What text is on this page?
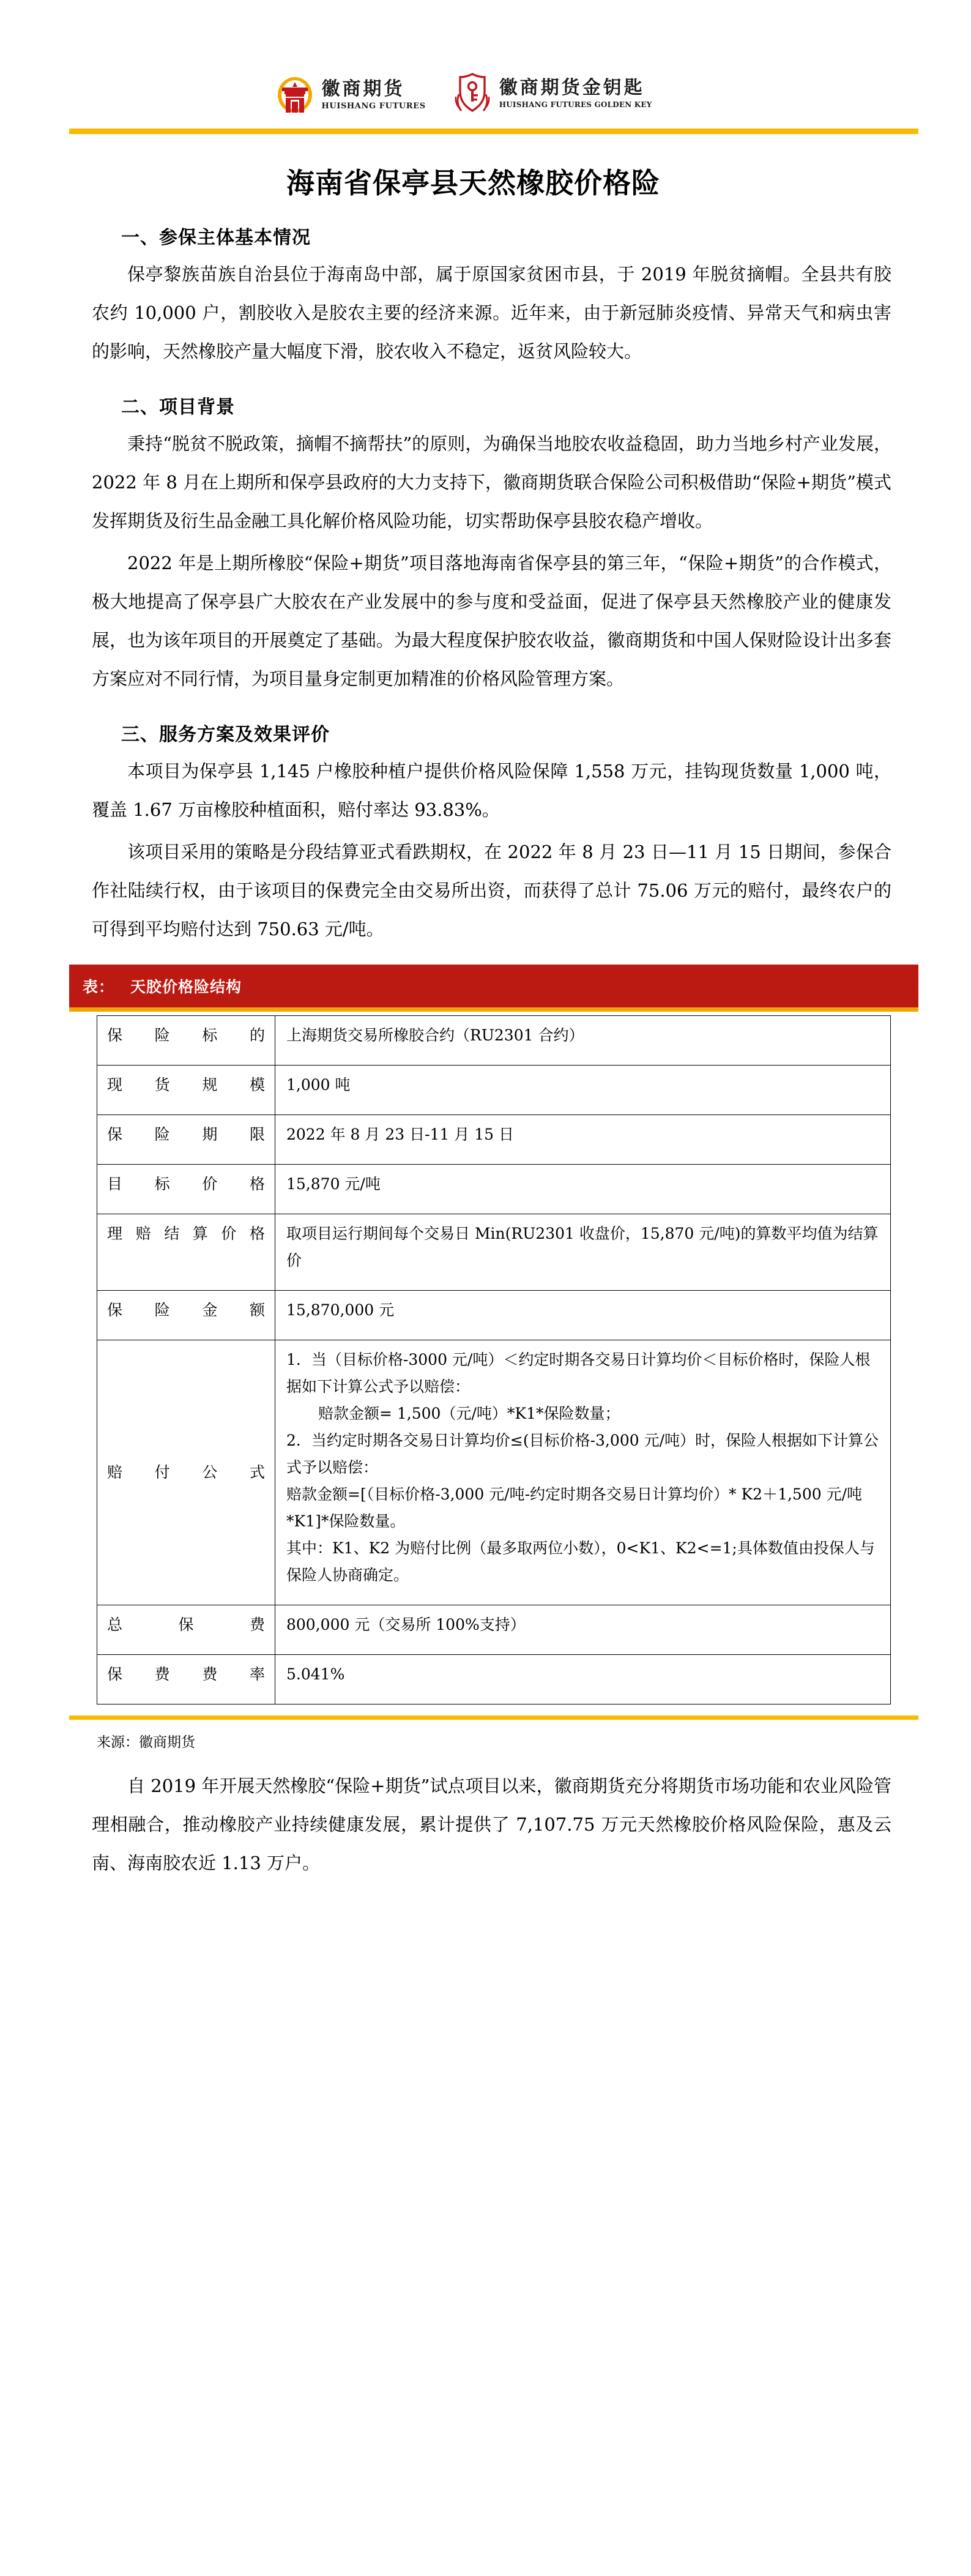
徽商期货
HUISHANG FUTURES
徽商期货金钥匙
HUISHANG FUTURES GOLDEN KEY
海南省保亭县天然橡胶价格险
一、参保主体基本情况

保亭黎族苗族自治县位于海南岛中部，属于原国家贫困市县，于 2019 年脱贫摘帽。全县共有胶农约 10,000 户，割胶收入是胶农主要的经济来源。近年来，由于新冠肺炎疫情、异常天气和病虫害的影响，天然橡胶产量大幅度下滑，胶农收入不稳定，返贫风险较大。

二、项目背景

秉持“脱贫不脱政策，摘帽不摘帮扶”的原则，为确保当地胶农收益稳固，助力当地乡村产业发展，2022 年 8 月在上期所和保亭县政府的大力支持下，徽商期货联合保险公司积极借助“保险+期货”模式发挥期货及衍生品金融工具化解价格风险功能，切实帮助保亭县胶农稳产增收。

2022 年是上期所橡胶“保险+期货”项目落地海南省保亭县的第三年，“保险+期货”的合作模式，极大地提高了保亭县广大胶农在产业发展中的参与度和受益面，促进了保亭县天然橡胶产业的健康发展，也为该年项目的开展奠定了基础。为最大程度保护胶农收益，徽商期货和中国人保财险设计出多套方案应对不同行情，为项目量身定制更加精准的价格风险管理方案。

三、服务方案及效果评价

本项目为保亭县 1,145 户橡胶种植户提供价格风险保障 1,558 万元，挂钩现货数量 1,000 吨，覆盖 1.67 万亩橡胶种植面积，赔付率达 93.83%。

该项目采用的策略是分段结算亚式看跌期权，在 2022 年 8 月 23 日—11 月 15 日期间，参保合作社陆续行权，由于该项目的保费完全由交易所出资，而获得了总计 75.06 万元的赔付，最终农户的可得到平均赔付达到 750.63 元/吨。

表： 天胶价格险结构
保险标的	上海期货交易所橡胶合约（RU2301 合约）
现货规模	1,000 吨
保险期限	2022 年 8 月 23 日-11 月 15 日
目标价格	15,870 元/吨
理赔结算价格	取项目运行期间每个交易日 Min(RU2301 收盘价，15,870 元/吨)的算数平均值为结算价
保险金额	15,870,000 元
赔付公式	1．当（目标价格-3000 元/吨）＜约定时期各交易日计算均价＜目标价格时，保险人根据如下计算公式予以赔偿：
赔款金额= 1,500（元/吨）*K1*保险数量；
2．当约定时期各交易日计算均价≤(目标价格-3,000 元/吨）时，保险人根据如下计算公式予以赔偿：
赔款金额=[（目标价格-3,000 元/吨-约定时期各交易日计算均价）* K2＋1,500 元/吨*K1]*保险数量。
其中：K1、K2 为赔付比例（最多取两位小数），0<K1、K2<=1;具体数值由投保人与保险人协商确定。

总保费	800,000 元（交易所 100%支持）
保费费率	5.041%
来源：徽商期货

自 2019 年开展天然橡胶“保险+期货”试点项目以来，徽商期货充分将期货市场功能和农业风险管理相融合，推动橡胶产业持续健康发展，累计提供了 7,107.75 万元天然橡胶价格风险保险，惠及云南、海南胶农近 1.13 万户。
